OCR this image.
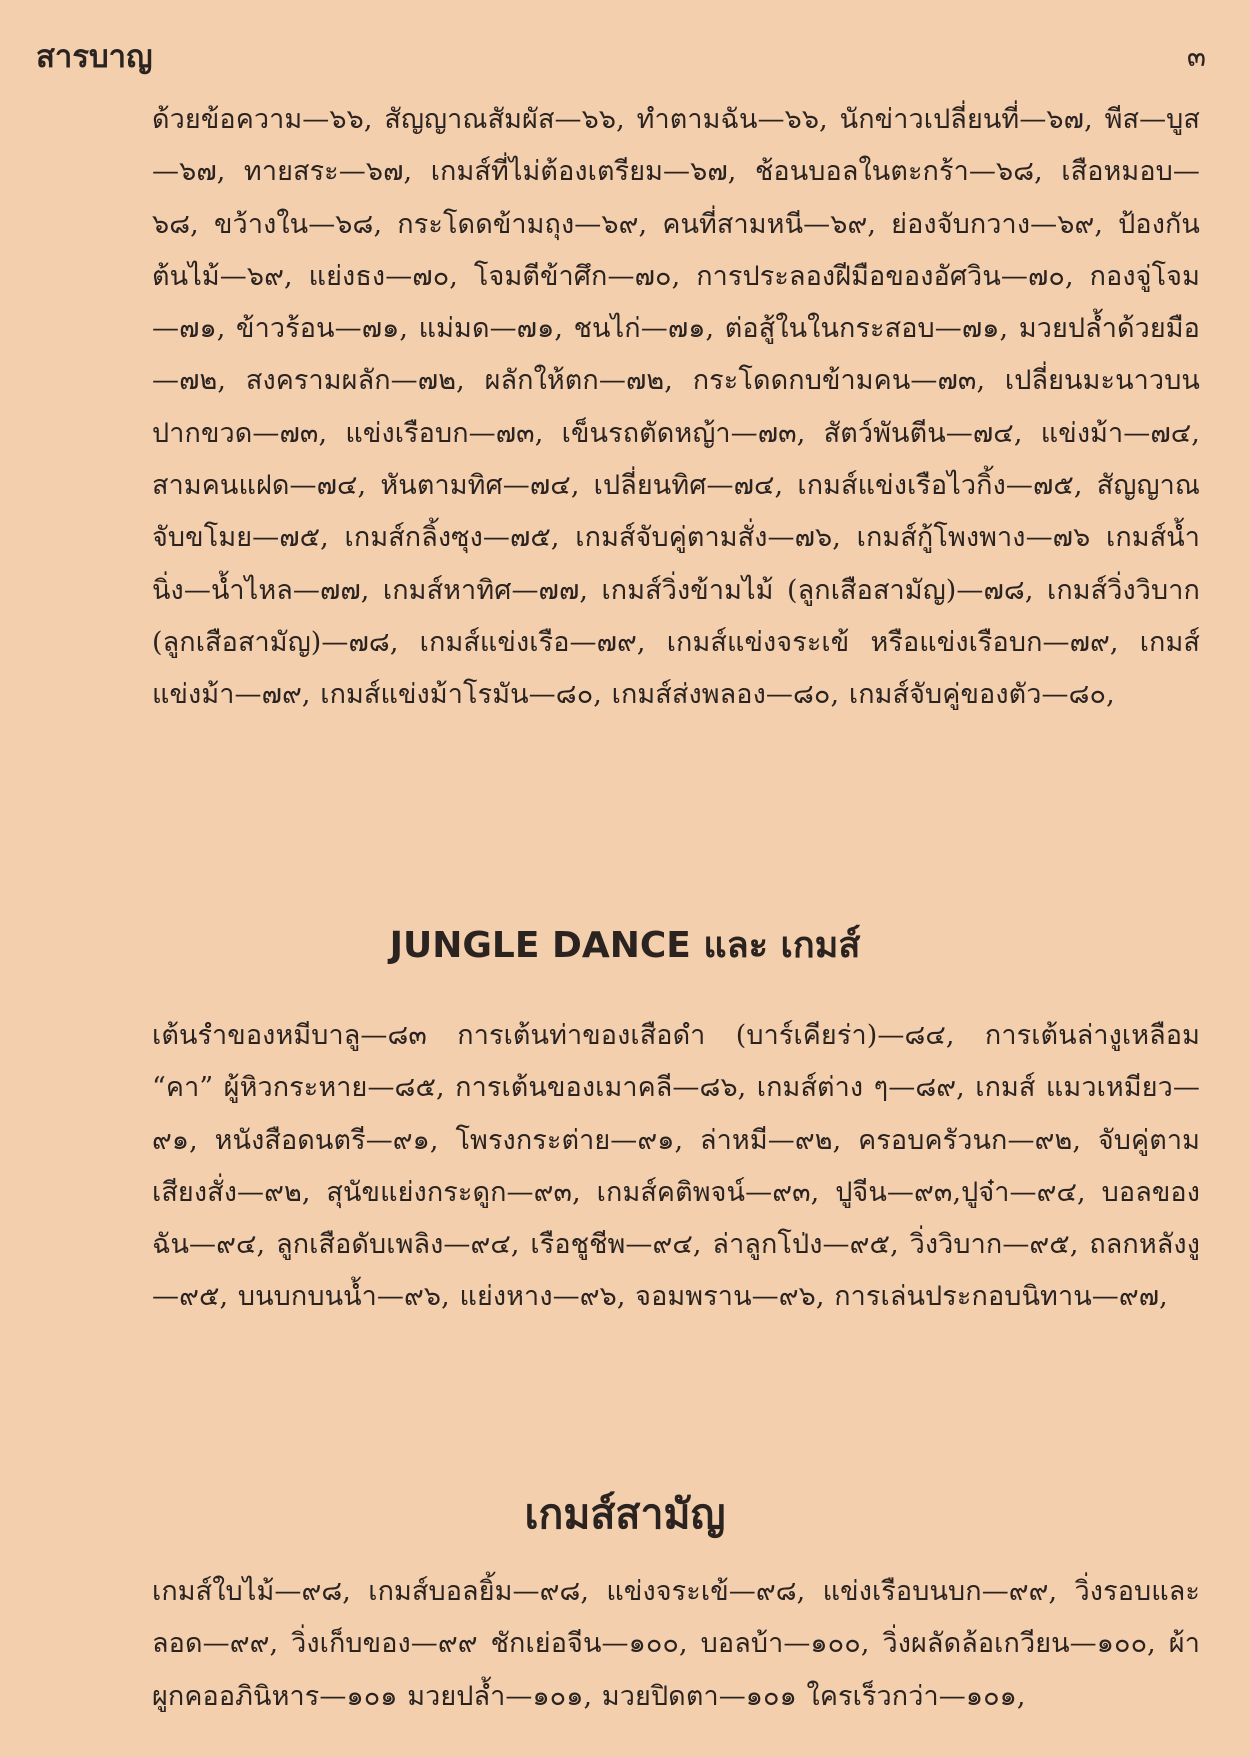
สารบาญ	๓

ด้วยข้อความ—๖๖, สัญญาณสัมผัส—๖๖, ทำตามฉัน—๖๖, นักข่าวเปลี่ยนที่—๖๗, พีส—บูส—๖๗, ทายสระ—๖๗, เกมส์ที่ไม่ต้องเตรียม—๖๗, ช้อนบอลในตะกร้า—๖๘, เสือหมอบ—๖๘, ขว้างใน—๖๘, กระโดดข้ามถุง—๖๙, คนที่สามหนี—๖๙, ย่องจับกวาง—๖๙, ป้องกันต้นไม้—๖๙, แย่งธง—๗๐, โจมตีข้าศึก—๗๐, การประลองฝีมือของอัศวิน—๗๐, กองจู่โจม—๗๑, ข้าวร้อน—๗๑, แม่มด—๗๑, ชนไก่—๗๑, ต่อสู้ในในกระสอบ—๗๑, มวยปล้ำด้วยมือ—๗๒, สงครามผลัก—๗๒, ผลักให้ตก—๗๒, กระโดดกบข้ามคน—๗๓, เปลี่ยนมะนาวบนปากขวด—๗๓, แข่งเรือบก—๗๓, เข็นรถตัดหญ้า—๗๓, สัตว์พันตีน—๗๔, แข่งม้า—๗๔, สามคนแฝด—๗๔, หันตามทิศ—๗๔, เปลี่ยนทิศ—๗๔, เกมส์แข่งเรือไวกิ้ง—๗๕, สัญญาณจับขโมย—๗๕, เกมส์กลิ้งซุง—๗๕, เกมส์จับคู่ตามสั่ง—๗๖, เกมส์กู้โพงพาง—๗๖ เกมส์น้ำนิ่ง—น้ำไหล—๗๗, เกมส์หาทิศ—๗๗, เกมส์วิ่งข้ามไม้ (ลูกเสือสามัญ)—๗๘, เกมส์วิ่งวิบาก (ลูกเสือสามัญ)—๗๘, เกมส์แข่งเรือ—๗๙, เกมส์แข่งจระเข้ หรือแข่งเรือบก—๗๙, เกมส์แข่งม้า—๗๙, เกมส์แข่งม้าโรมัน—๘๐, เกมส์ส่งพลอง—๘๐, เกมส์จับคู่ของตัว—๘๐,

JUNGLE DANCE และ เกมส์

เต้นรำของหมีบาลู—๘๓ การเต้นท่าของเสือดำ (บาร์เคียร่า)—๘๔, การเต้นล่างูเหลือม “คา” ผู้หิวกระหาย—๘๕, การเต้นของเมาคลี—๘๖, เกมส์ต่าง ๆ—๘๙, เกมส์ แมวเหมียว—๙๑, หนังสือดนตรี—๙๑, โพรงกระต่าย—๙๑, ล่าหมี—๙๒, ครอบครัวนก—๙๒, จับคู่ตามเสียงสั่ง—๙๒, สุนัขแย่งกระดูก—๙๓, เกมส์คติพจน์—๙๓, ปูจีน—๙๓,ปูจ๋า—๙๔, บอลของฉัน—๙๔, ลูกเสือดับเพลิง—๙๔, เรือชูชีพ—๙๔, ล่าลูกโป่ง—๙๕, วิ่งวิบาก—๙๕, ถลกหลังงู—๙๕, บนบกบนน้ำ—๙๖, แย่งหาง—๙๖, จอมพราน—๙๖, การเล่นประกอบนิทาน—๙๗,

เกมส์สามัญ

เกมส์ใบไม้—๙๘, เกมส์บอลยิ้ม—๙๘, แข่งจระเข้—๙๘, แข่งเรือบนบก—๙๙, วิ่งรอบและลอด—๙๙, วิ่งเก็บของ—๙๙ ชักเย่อจีน—๑๐๐, บอลบ้า—๑๐๐, วิ่งผลัดล้อเกวียน—๑๐๐, ผ้าผูกคออภินิหาร—๑๐๑ มวยปล้ำ—๑๐๑, มวยปิดตา—๑๐๑ ใครเร็วกว่า—๑๐๑,
